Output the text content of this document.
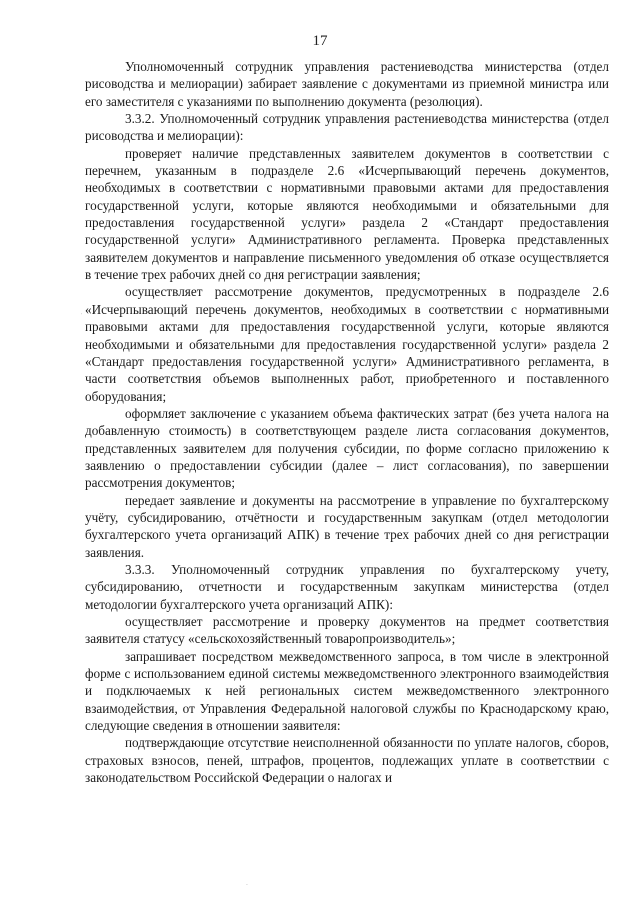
17
˙

Уполномоченный сотрудник управления растениеводства министерства (отдел рисоводства и мелиорации) забирает заявление с документами из приемной министра или его заместителя с указаниями по выполнению документа (резолюция).

3.3.2. Уполномоченный сотрудник управления растениеводства министерства (отдел рисоводства и мелиорации):

проверяет наличие представленных заявителем документов в соответствии с перечнем, указанным в подразделе 2.6 «Исчерпывающий перечень документов, необходимых в соответствии с нормативными правовыми актами для предоставления государственной услуги, которые являются необходимыми и обязательными для предоставления государственной услуги» раздела 2 «Стандарт предоставления государственной услуги» Административного регламента. Проверка представленных заявителем документов и направление письменного уведомления об отказе осуществляется в течение трех рабочих дней со дня регистрации заявления;

осуществляет рассмотрение документов, предусмотренных в подразделе 2.6 «Исчерпывающий перечень документов, необходимых в соответствии с нормативными правовыми актами для предоставления государственной услуги, которые являются необходимыми и обязательными для предоставления государственной услуги» раздела 2 «Стандарт предоставления государственной услуги» Административного регламента, в части соответствия объемов выполненных работ, приобретенного и поставленного оборудования;

оформляет заключение с указанием объема фактических затрат (без учета налога на добавленную стоимость) в соответствующем разделе листа согласования документов, представленных заявителем для получения субсидии, по форме согласно приложению к заявлению о предоставлении субсидии (далее – лист согласования), по завершении рассмотрения документов;

передает заявление и документы на рассмотрение в управление по бухгалтерскому учёту, субсидированию, отчётности и государственным закупкам (отдел методологии бухгалтерского учета организаций АПК) в течение трех рабочих дней со дня регистрации заявления.

3.3.3. Уполномоченный сотрудник управления по бухгалтерскому учету, субсидированию, отчетности и государственным закупкам министерства (отдел методологии бухгалтерского учета организаций АПК):

осуществляет рассмотрение и проверку документов на предмет соответствия заявителя статусу «сельскохозяйственный товаропроизводитель»;

запрашивает посредством межведомственного запроса, в том числе в электронной форме с использованием единой системы межведомственного электронного взаимодействия и подключаемых к ней региональных систем межведомственного электронного взаимодействия, от Управления Федеральной налоговой службы по Краснодарскому краю, следующие сведения в отношении заявителя:

подтверждающие отсутствие неисполненной обязанности по уплате налогов, сборов, страховых взносов, пеней, штрафов, процентов, подлежащих уплате в соответствии с законодательством Российской Федерации о налогах и

.
